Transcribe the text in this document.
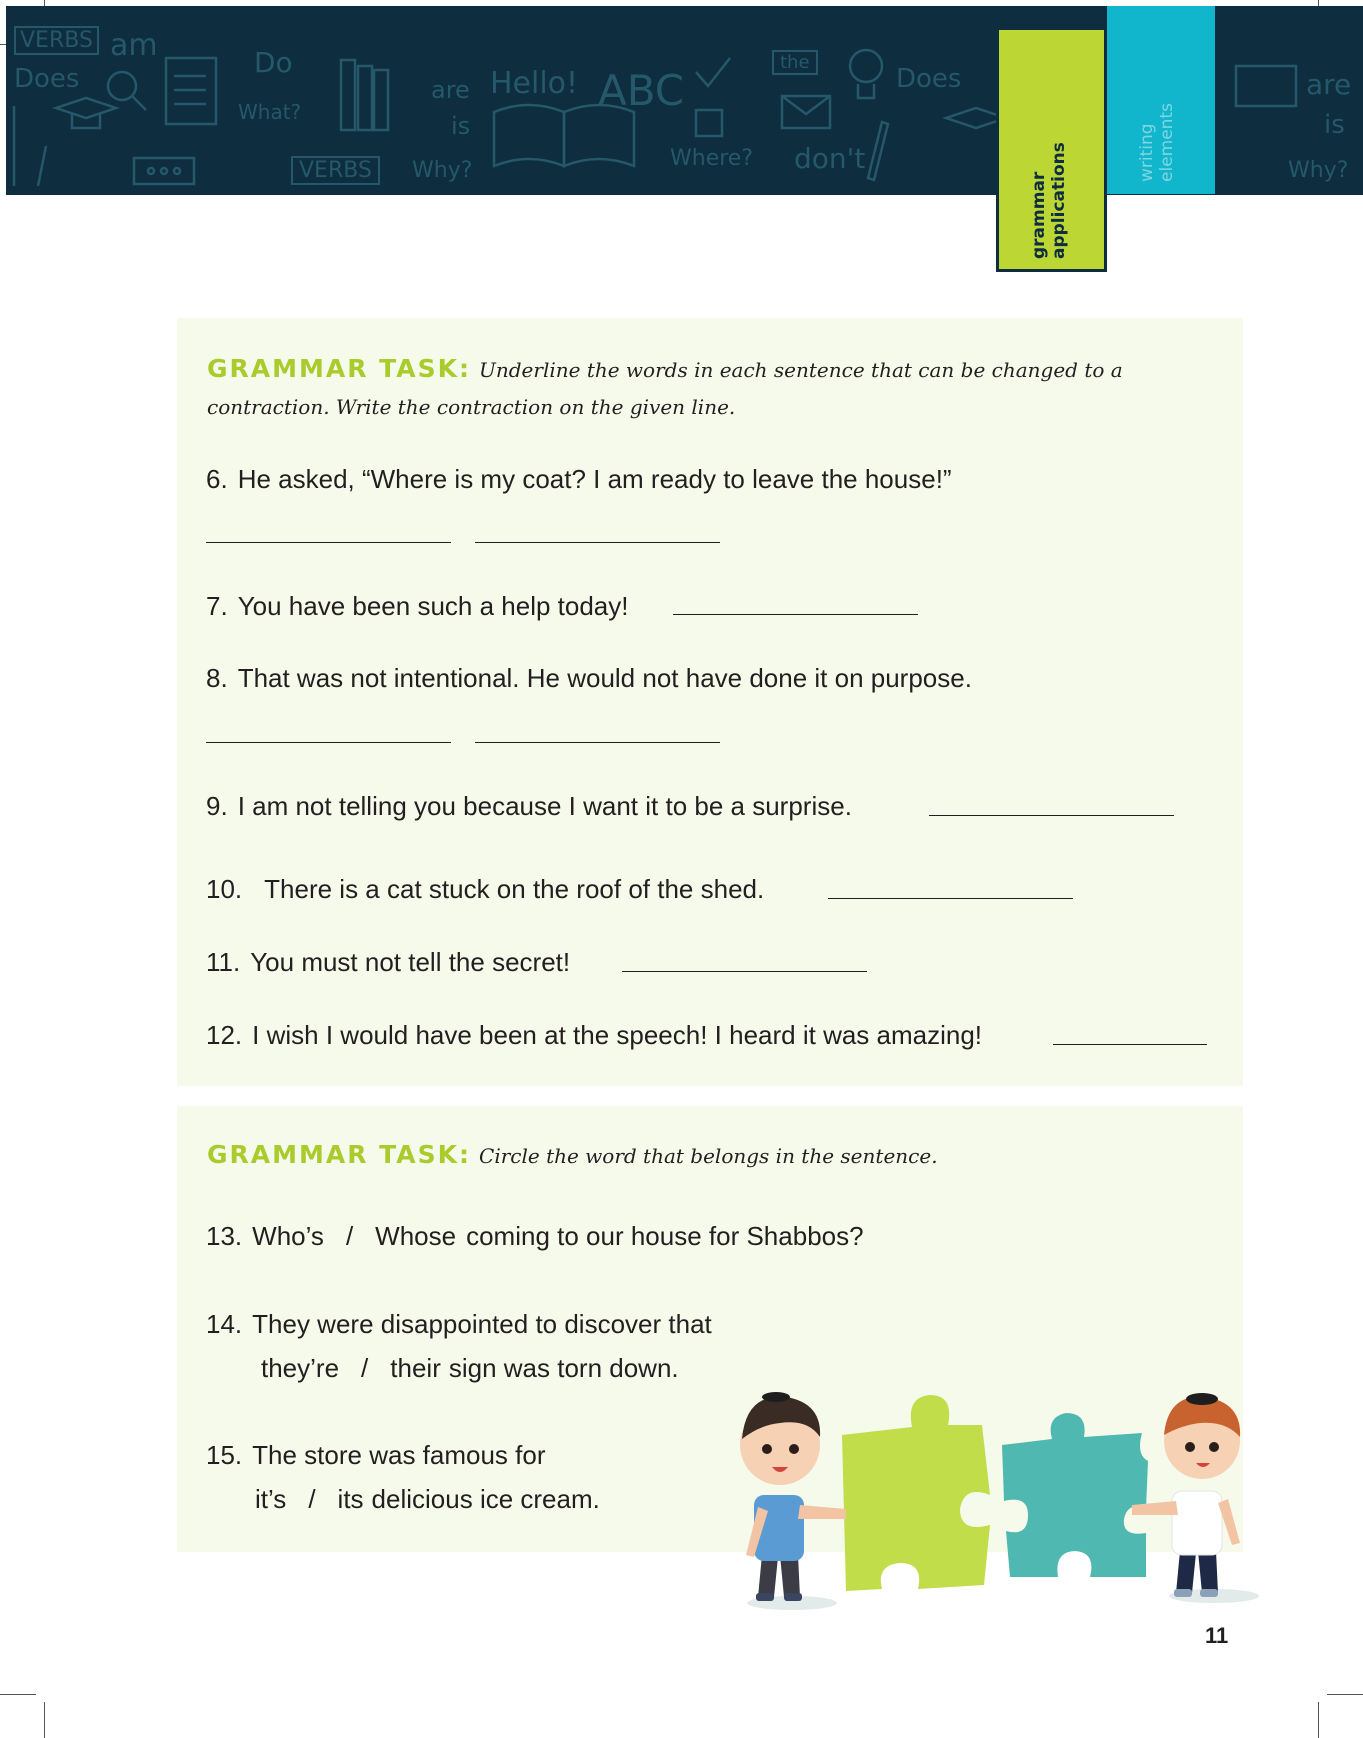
VERBS am
Does	Do
What?
are
is
Hello! ABC
the
Where? don't
Why?
VERBS
Does	are
is
Why?
writing elements
grammar applications
GRAMMAR TASK: Underline the words in each sentence that can be changed to a contraction. Write the contraction on the given line.
6. He asked, “Where is my coat? I am ready to leave the house!”
7. You have been such a help today!
8. That was not intentional. He would not have done it on purpose.
9. I am not telling you because I want it to be a surprise.
10. There is a cat stuck on the roof of the shed.
11. You must not tell the secret!
12. I wish I would have been at the speech! I heard it was amazing!
GRAMMAR TASK: Circle the word that belongs in the sentence.
13. Who’s / Whose coming to our house for Shabbos?
14. They were disappointed to discover that
they’re / their sign was torn down.
15. The store was famous for
it’s / its delicious ice cream.
11
